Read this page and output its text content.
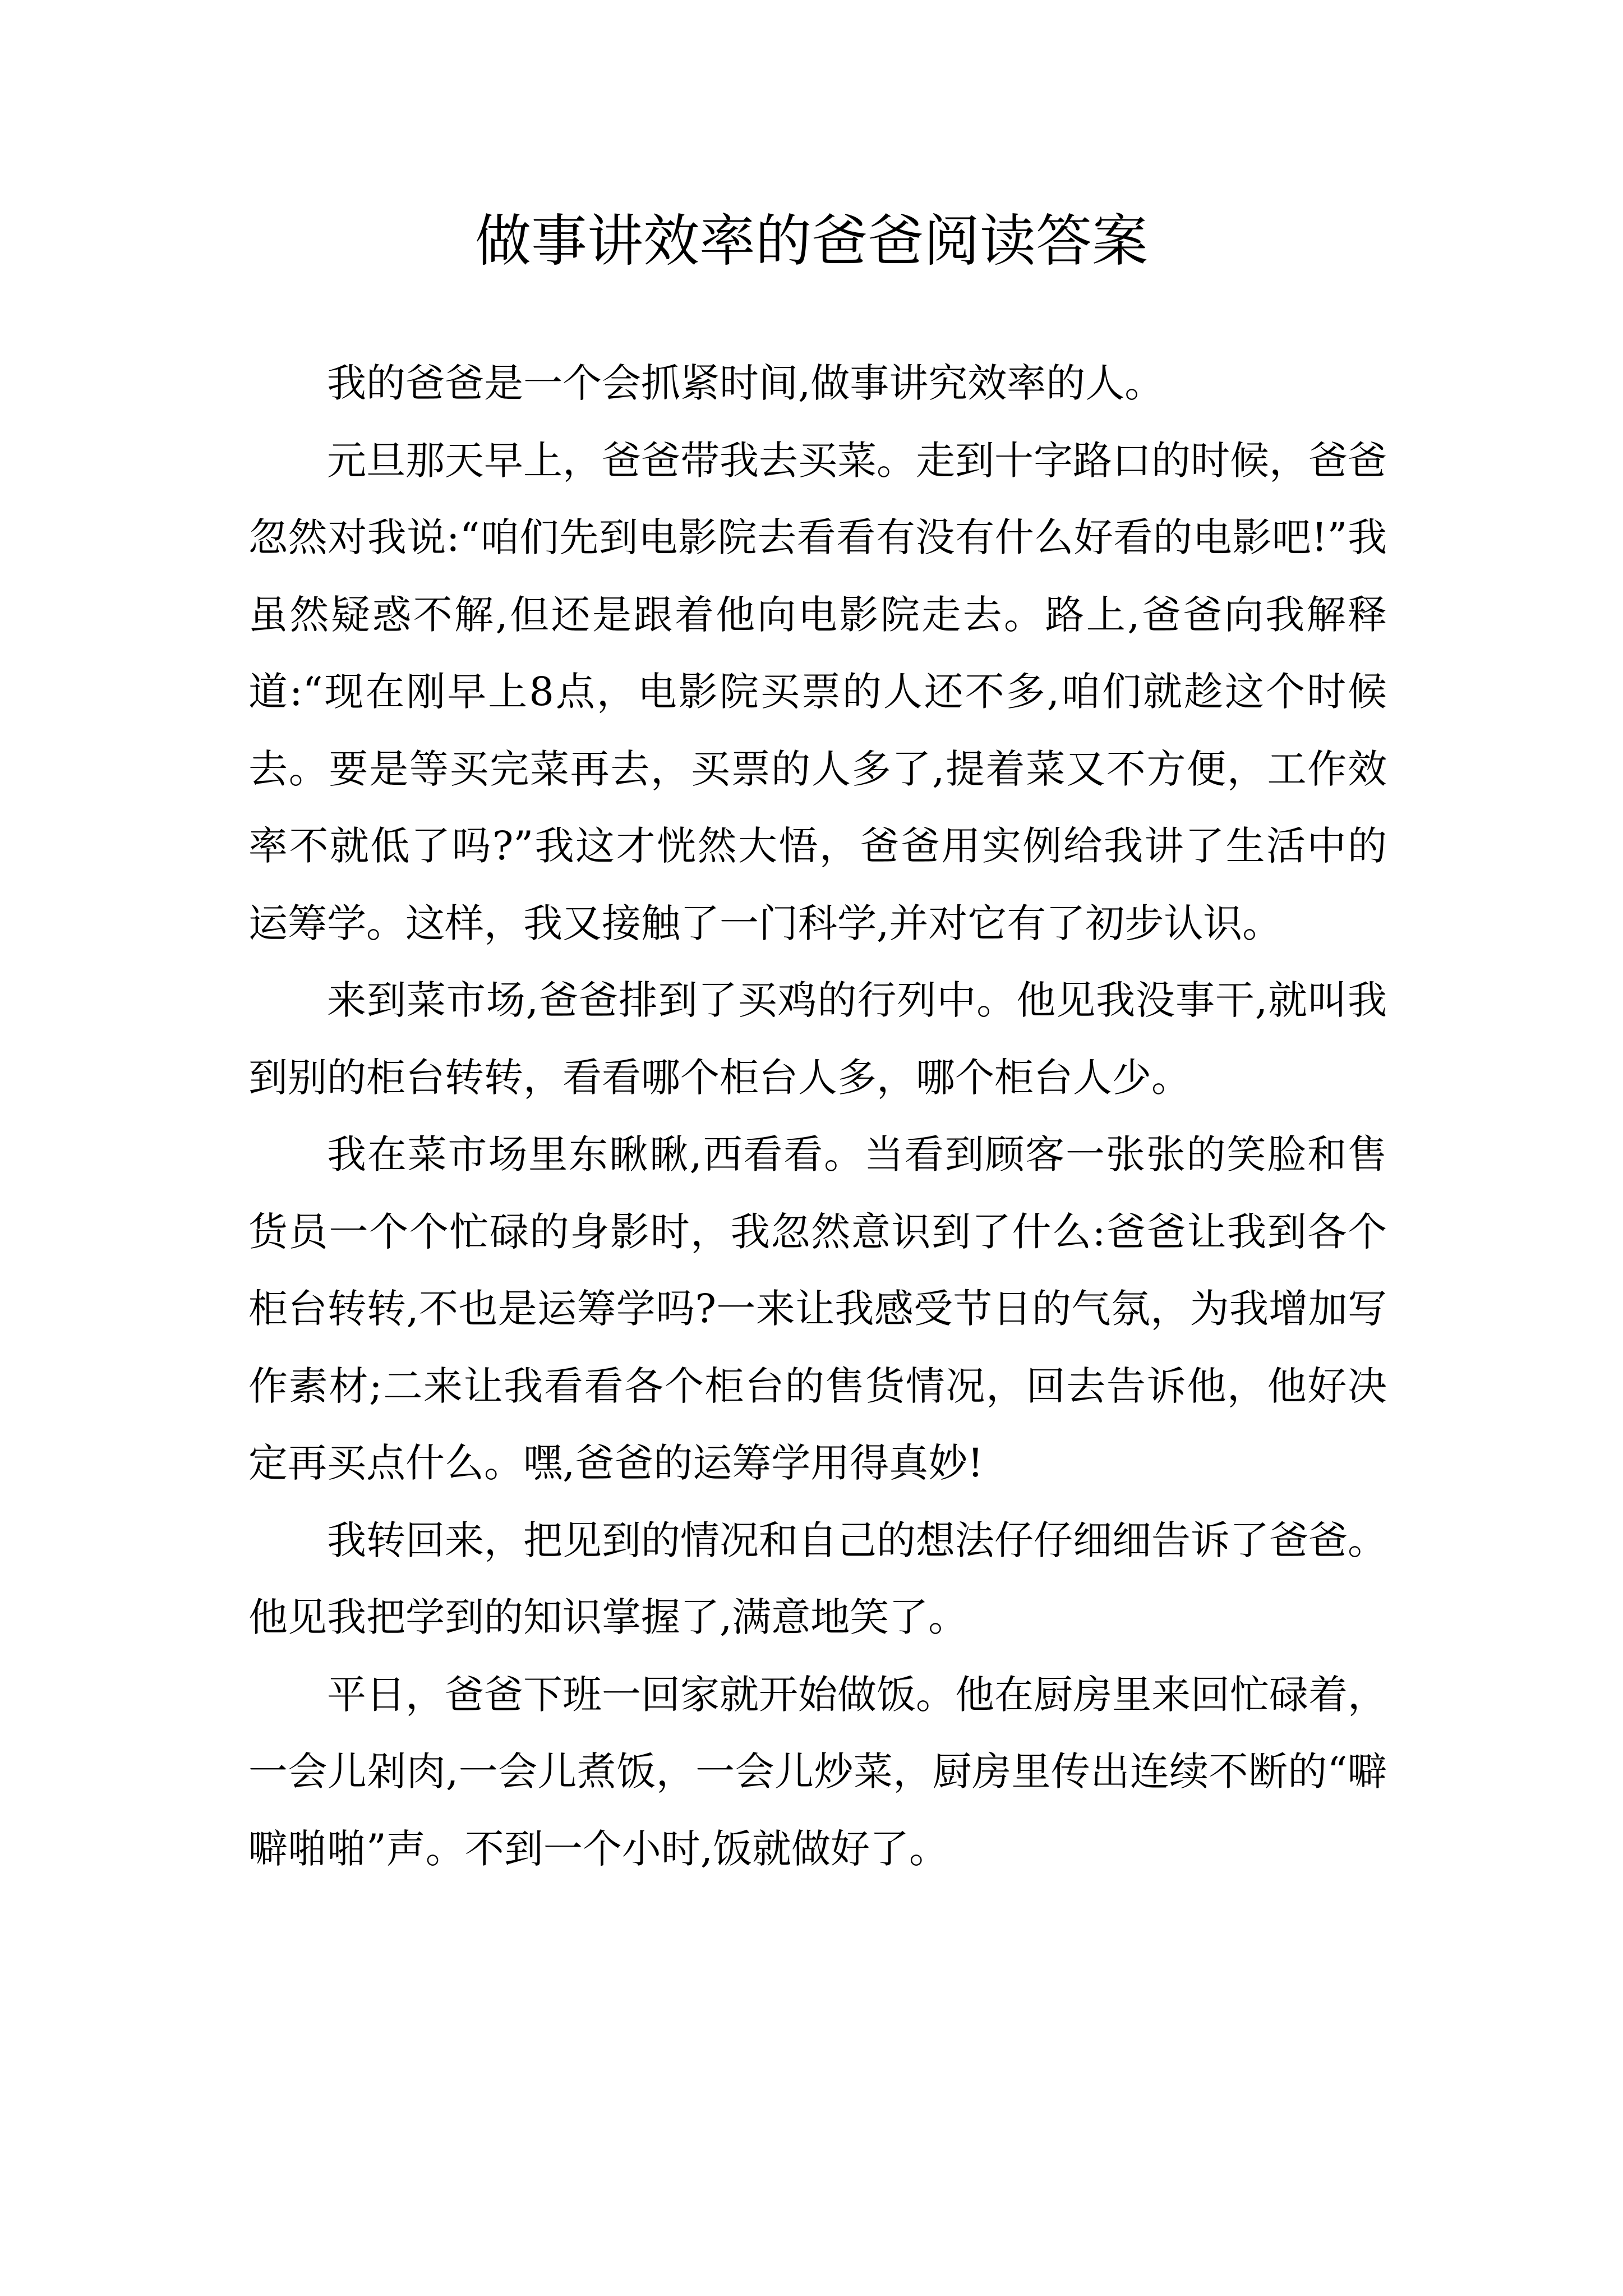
做事讲效率的爸爸阅读答案

我的爸爸是一个会抓紧时间,做事讲究效率的人。

元旦那天早上，爸爸带我去买菜。走到十字路口的时候，爸爸忽然对我说:“咱们先到电影院去看看有没有什么好看的电影吧!”我虽然疑惑不解,但还是跟着他向电影院走去。路上,爸爸向我解释道:“现在刚早上8点，电影院买票的人还不多,咱们就趁这个时候去。要是等买完菜再去，买票的人多了,提着菜又不方便，工作效率不就低了吗?”我这才恍然大悟，爸爸用实例给我讲了生活中的运筹学。这样，我又接触了一门科学,并对它有了初步认识。

来到菜市场,爸爸排到了买鸡的行列中。他见我没事干,就叫我到别的柜台转转，看看哪个柜台人多，哪个柜台人少。

我在菜市场里东瞅瞅,西看看。当看到顾客一张张的笑脸和售货员一个个忙碌的身影时，我忽然意识到了什么:爸爸让我到各个柜台转转,不也是运筹学吗?一来让我感受节日的气氛，为我增加写作素材;二来让我看看各个柜台的售货情况，回去告诉他，他好决定再买点什么。嘿,爸爸的运筹学用得真妙!

我转回来，把见到的情况和自己的想法仔仔细细告诉了爸爸。他见我把学到的知识掌握了,满意地笑了。

平日，爸爸下班一回家就开始做饭。他在厨房里来回忙碌着，一会儿剁肉,一会儿煮饭，一会儿炒菜，厨房里传出连续不断的“噼噼啪啪”声。不到一个小时,饭就做好了。
